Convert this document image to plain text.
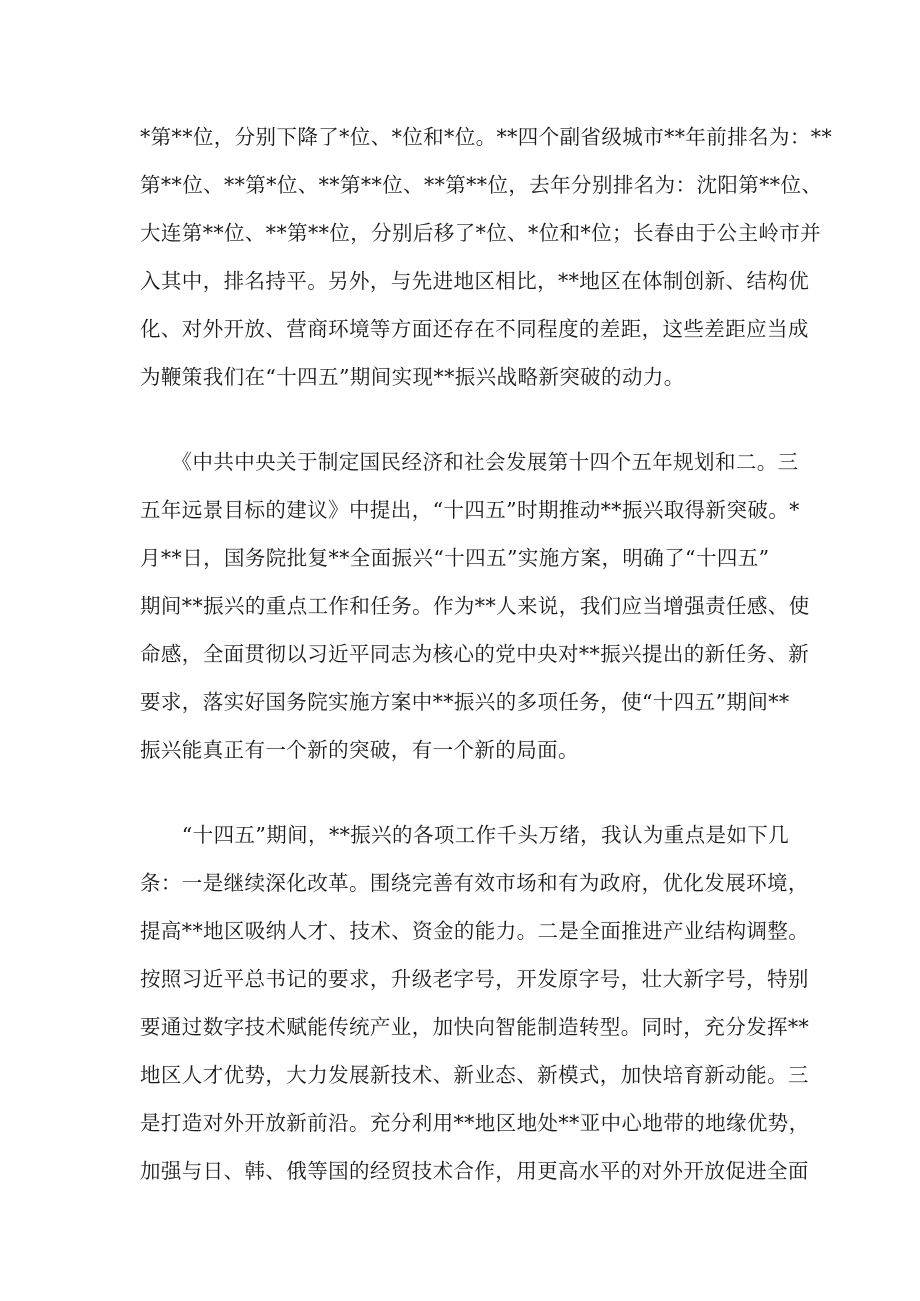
*第**位，分别下降了*位、*位和*位。**四个副省级城市**年前排名为：**
第**位、**第*位、**第**位、**第**位，去年分别排名为：沈阳第**位、
大连第**位、**第**位，分别后移了*位、*位和*位；长春由于公主岭市并
入其中，排名持平。另外，与先进地区相比，**地区在体制创新、结构优
化、对外开放、营商环境等方面还存在不同程度的差距，这些差距应当成
为鞭策我们在“十四五”期间实现**振兴战略新突破的动力。

　　《中共中央关于制定国民经济和社会发展第十四个五年规划和二。三
五年远景目标的建议》中提出，“十四五”时期推动**振兴取得新突破。*
月**日，国务院批复**全面振兴“十四五”实施方案，明确了“十四五”
期间**振兴的重点工作和任务。作为**人来说，我们应当增强责任感、使
命感，全面贯彻以习近平同志为核心的党中央对**振兴提出的新任务、新
要求，落实好国务院实施方案中**振兴的多项任务，使“十四五”期间**
振兴能真正有一个新的突破，有一个新的局面。

　　“十四五”期间，**振兴的各项工作千头万绪，我认为重点是如下几
条：一是继续深化改革。围绕完善有效市场和有为政府，优化发展环境，
提高**地区吸纳人才、技术、资金的能力。二是全面推进产业结构调整。
按照习近平总书记的要求，升级老字号，开发原字号，壮大新字号，特别
要通过数字技术赋能传统产业，加快向智能制造转型。同时，充分发挥**
地区人才优势，大力发展新技术、新业态、新模式，加快培育新动能。三
是打造对外开放新前沿。充分利用**地区地处**亚中心地带的地缘优势，
加强与日、韩、俄等国的经贸技术合作，用更高水平的对外开放促进全面
